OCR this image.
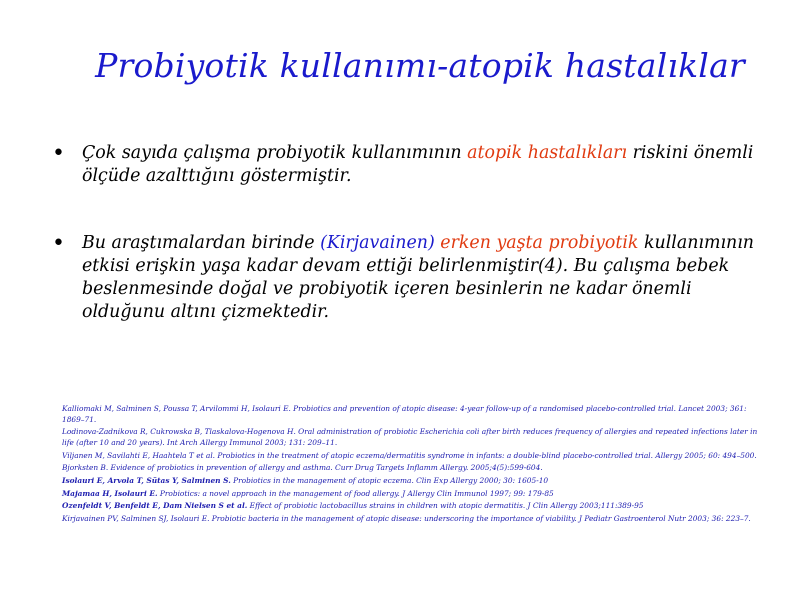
Probiyotik kullanımı-atopik hastalıklar
• Çok sayıda çalışma probiyotik kullanımının atopik hastalıkları riskini önemli ölçüde azalttığını göstermiştir.
• Bu araştımalardan birinde (Kirjavainen) erken yaşta probiyotik kullanımının etkisi erişkin yaşa kadar devam ettiği belirlenmiştir(4). Bu çalışma bebek beslenmesinde doğal ve probiyotik içeren besinlerin ne kadar önemli olduğunu altını çizmektedir.
Kalliomaki M, Salminen S, Poussa T, Arvilommi H, Isolauri E. Probiotics and prevention of atopic disease: 4-year follow-up of a randomised placebo-controlled trial. Lancet 2003; 361: 1869–71.
Lodinova-Zadnikova R, Cukrowska B, Tlaskalova-Hogenova H. Oral administration of probiotic Escherichia coli after birth reduces frequency of allergies and repeated infections later in life (after 10 and 20 years). Int Arch Allergy Immunol 2003; 131: 209–11.
Viljanen M, Savilahti E, Haahtela T et al. Probiotics in the treatment of atopic eczema/dermatitis syndrome in infants: a double-blind placebo-controlled trial. Allergy 2005; 60: 494–500.
Bjorksten B. Evidence of probiotics in prevention of allergy and asthma. Curr Drug Targets Inflamm Allergy. 2005;4(5):599-604.
Isolauri E, Arvola T, Sütas Y, Salminen S. Probiotics in the management of atopic eczema. Clin Exp Allergy 2000; 30: 1605-10
Majamaa H, Isolauri E. Probiotics: a novel approach in the management of food allergy. J Allergy Clin Immunol 1997; 99: 179-85
Ozenfeldt V, Benfeldt E, Dam Nielsen S et al. Effect of probiotic lactobacillus strains in children with atopic dermatitis. J Clin Allergy 2003;111:389-95
Kirjavainen PV, Salminen SJ, Isolauri E. Probiotic bacteria in the management of atopic disease: underscoring the importance of viability. J Pediatr Gastroenterol Nutr 2003; 36: 223–7.
